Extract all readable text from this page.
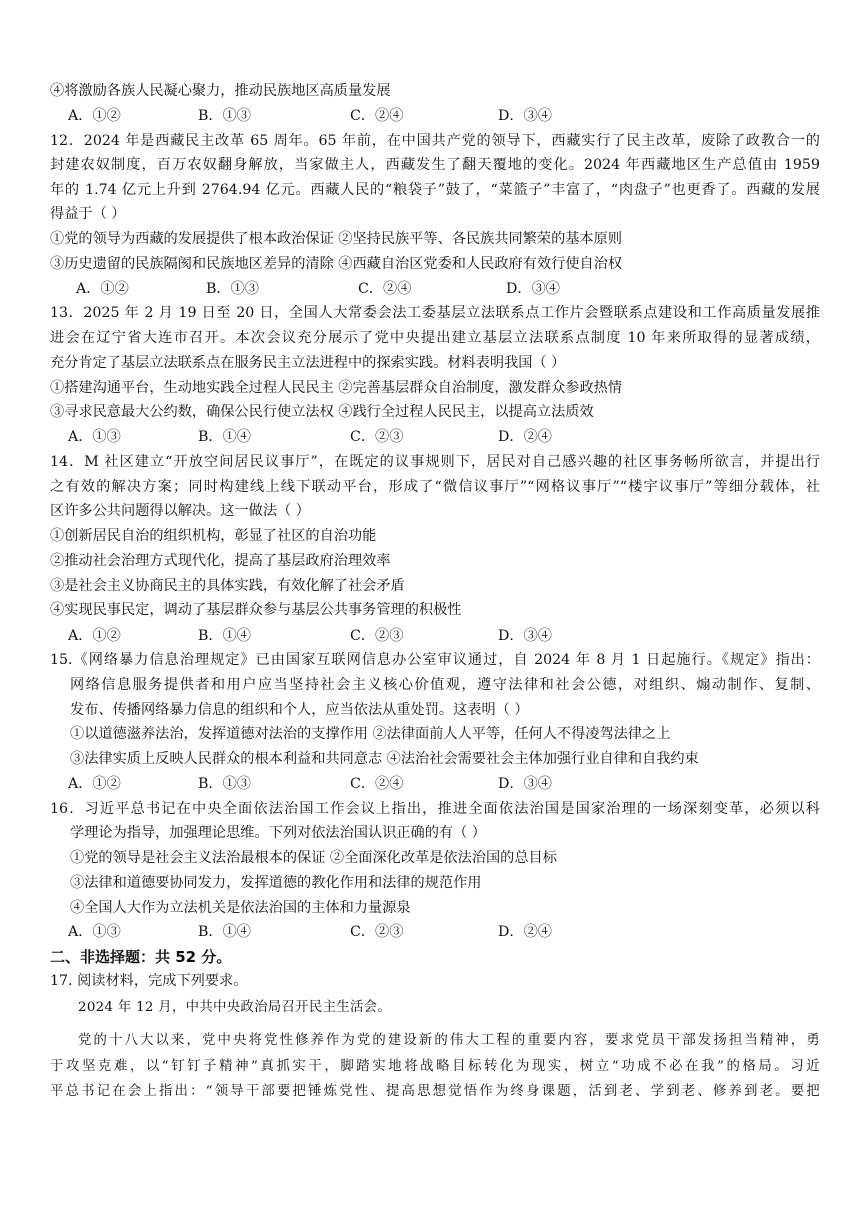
④将激励各族人民凝心聚力，推动民族地区高质量发展
A．①②	B．①③	C．②④	D．③④
12．2024 年是西藏民主改革 65 周年。65 年前，在中国共产党的领导下，西藏实行了民主改革，废除了政教合一的
封建农奴制度，百万农奴翻身解放，当家做主人，西藏发生了翻天覆地的变化。2024 年西藏地区生产总值由 1959
年的 1.74 亿元上升到 2764.94 亿元。西藏人民的“粮袋子”鼓了，“菜篮子”丰富了，“肉盘子”也更香了。西藏的发展
得益于（ ）
①党的领导为西藏的发展提供了根本政治保证 ②坚持民族平等、各民族共同繁荣的基本原则
③历史遗留的民族隔阂和民族地区差异的清除 ④西藏自治区党委和人民政府有效行使自治权
A．①②	B．①③	C．②④	D．③④
13．2025 年 2 月 19 日至 20 日，全国人大常委会法工委基层立法联系点工作片会暨联系点建设和工作高质量发展推
进会在辽宁省大连市召开。本次会议充分展示了党中央提出建立基层立法联系点制度 10 年来所取得的显著成绩，
充分肯定了基层立法联系点在服务民主立法进程中的探索实践。材料表明我国（ ）
①搭建沟通平台，生动地实践全过程人民民主 ②完善基层群众自治制度，激发群众参政热情
③寻求民意最大公约数，确保公民行使立法权 ④践行全过程人民民主，以提高立法质效
A．①③	B．①④	C．②③	D．②④
14．M 社区建立“开放空间居民议事厅”，在既定的议事规则下，居民对自己感兴趣的社区事务畅所欲言，并提出行
之有效的解决方案；同时构建线上线下联动平台，形成了“微信议事厅”“网格议事厅”“楼宇议事厅”等细分载体，社
区许多公共问题得以解决。这一做法（ ）
①创新居民自治的组织机构，彰显了社区的自治功能
②推动社会治理方式现代化，提高了基层政府治理效率
③是社会主义协商民主的具体实践，有效化解了社会矛盾
④实现民事民定，调动了基层群众参与基层公共事务管理的积极性
A．①②	B．①④	C．②③	D．③④
15.《网络暴力信息治理规定》已由国家互联网信息办公室审议通过，自 2024 年 8 月 1 日起施行。《规定》指出：
网络信息服务提供者和用户应当坚持社会主义核心价值观，遵守法律和社会公德，对组织、煽动制作、复制、
发布、传播网络暴力信息的组织和个人，应当依法从重处罚。这表明（ ）
①以道德滋养法治，发挥道德对法治的支撑作用 ②法律面前人人平等，任何人不得凌驾法律之上
③法律实质上反映人民群众的根本利益和共同意志 ④法治社会需要社会主体加强行业自律和自我约束
A．①②	B．①③	C．②④	D．③④
16．习近平总书记在中央全面依法治国工作会议上指出，推进全面依法治国是国家治理的一场深刻变革，必须以科
学理论为指导，加强理论思维。下列对依法治国认识正确的有（ ）
①党的领导是社会主义法治最根本的保证 ②全面深化改革是依法治国的总目标
③法律和道德要协同发力，发挥道德的教化作用和法律的规范作用
④全国人大作为立法机关是依法治国的主体和力量源泉
A．①③	B．①④	C．②③	D．②④
二、非选择题：共 52 分。
17. 阅读材料，完成下列要求。
2024 年 12 月，中共中央政治局召开民主生活会。
党的十八大以来，党中央将党性修养作为党的建设新的伟大工程的重要内容，要求党员干部发扬担当精神，勇
于攻坚克难，以“钉钉子精神”真抓实干，脚踏实地将战略目标转化为现实，树立“功成不必在我”的格局。习近
平总书记在会上指出：“领导干部要把锤炼党性、提高思想觉悟作为终身课题，活到老、学到老、修养到老。要把
